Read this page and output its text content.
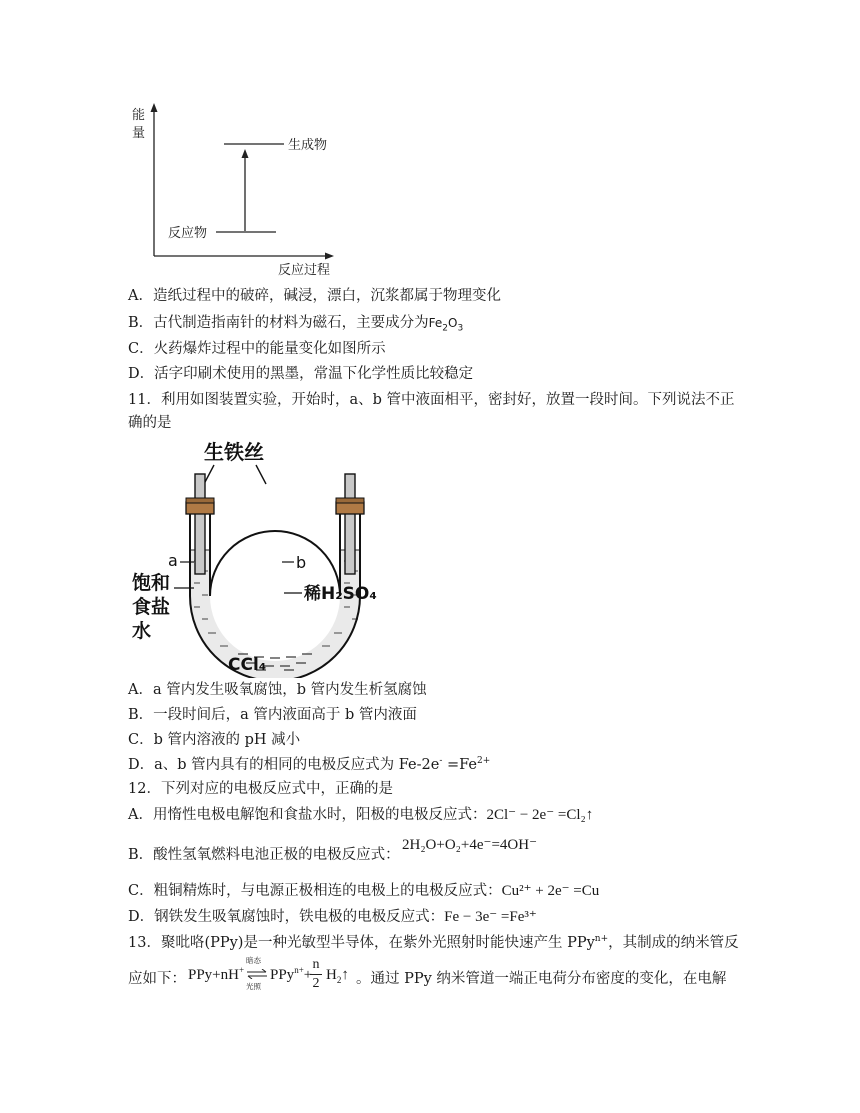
能
量
生成物
反应物
反应过程
A．造纸过程中的破碎，碱浸，漂白，沉浆都属于物理变化
B．古代制造指南针的材料为磁石，主要成分为$Fe_2O_3$
C．火药爆炸过程中的能量变化如图所示
D．活字印刷术使用的黑墨，常温下化学性质比较稳定
11．利用如图装置实验，开始时，a、b 管中液面相平，密封好，放置一段时间。下列说法不正
确的是
生铁丝
a	b
饱和
食盐
水
稀H₂SO₄
CCl₄
A．a 管内发生吸氧腐蚀，b 管内发生析氢腐蚀
B．一段时间后，a 管内液面高于 b 管内液面
C．b 管内溶液的 pH 减小
D．a、b 管内具有的相同的电极反应式为 $Fe-2e^- =Fe^{2+}$
12．下列对应的电极反应式中，正确的是
A．用惰性电极电解饱和食盐水时，阳极的电极反应式：2Cl⁻ − 2e⁻ =Cl₂↑
B．酸性氢氧燃料电池正极的电极反应式：
2H₂O+O₂+4e⁻=4OH⁻
C．粗铜精炼时，与电源正极相连的电极上的电极反应式：Cu²⁺ + 2e⁻ =Cu
D．钢铁发生吸氧腐蚀时，铁电极的电极反应式：Fe − 3e⁻ =Fe³⁺
13．聚吡咯(PPy)是一种光敏型半导体，在紫外光照射时能快速产生 PPy$^{n+}$，其制成的纳米管反
应如下： PPy+nH+
暗态
光照
PPy$^{n+}$+
n
2
$H_2↑$ 。通过 PPy 纳米管道一端正电荷分布密度的变化，在电解
